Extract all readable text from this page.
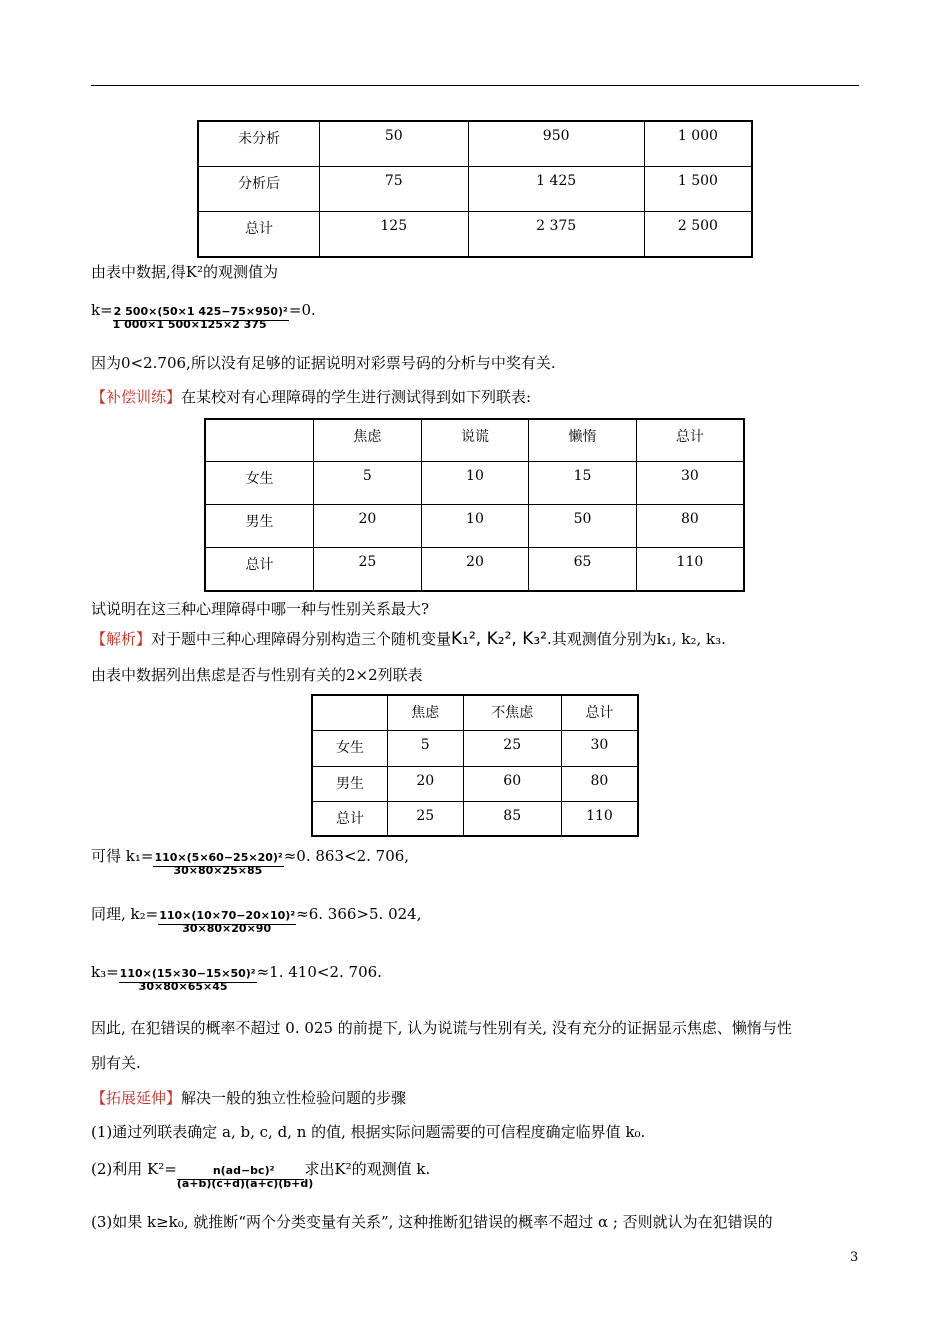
未分析	50	950	1 000
分析后	75	1 425	1 500
总计	125	2 375	2 500
由表中数据,得K²的观测值为
$k=\frac{\text{2 500×(50×1 425−75×950)²}}{1 000\times 1 500\times 125\times 2 375} =0$.
因为0<2.706,所以没有足够的证据说明对彩票号码的分析与中奖有关.
【补偿训练】在某校对有心理障碍的学生进行测试得到如下列联表:
	焦虑	说谎	懒惰	总计
女生	5	10	15	30
男生	20	10	50	80
总计	25	20	65	110
试说明在这三种心理障碍中哪一种与性别关系最大?
【解析】对于题中三种心理障碍分别构造三个随机变量K₁², K₂², K₃².其观测值分别为k₁, k₂, k₃.
由表中数据列出焦虑是否与性别有关的2×2列联表
	焦虑	不焦虑	总计
女生	5	25	30
男生	20	60	80
总计	25	85	110
可得 $k_1=\frac{\text{110×(5×60−25×20)²}}{30\times 80\times 25\times 85} \approx 0$. 863<2. 706,
同理, $k_2=\frac{\text{110×(10×70−20×10)²}}{30\times 80\times 20\times 90} \approx 6$. 366>5. 024,
$k_3=\frac{\text{110×(15×30−15×50)²}}{30\times 80\times 65\times 45} \approx 1$. 410<2. 706.
因此, 在犯错误的概率不超过 0. 025 的前提下, 认为说谎与性别有关, 没有充分的证据显示焦虑、懒惰与性
别有关.
【拓展延伸】解决一般的独立性检验问题的步骤
(1)通过列联表确定 a, b, c, d, n 的值, 根据实际问题需要的可信程度确定临界值 k₀.
(2)利用 $K^2=\frac{\text{n(ad−bc)²}}{(a+b)(c+d)(a+c)(b+d)}$ 求出K²的观测值 k.
(3)如果 k≥k₀, 就推断“两个分类变量有关系”, 这种推断犯错误的概率不超过 α ; 否则就认为在犯错误的
3
